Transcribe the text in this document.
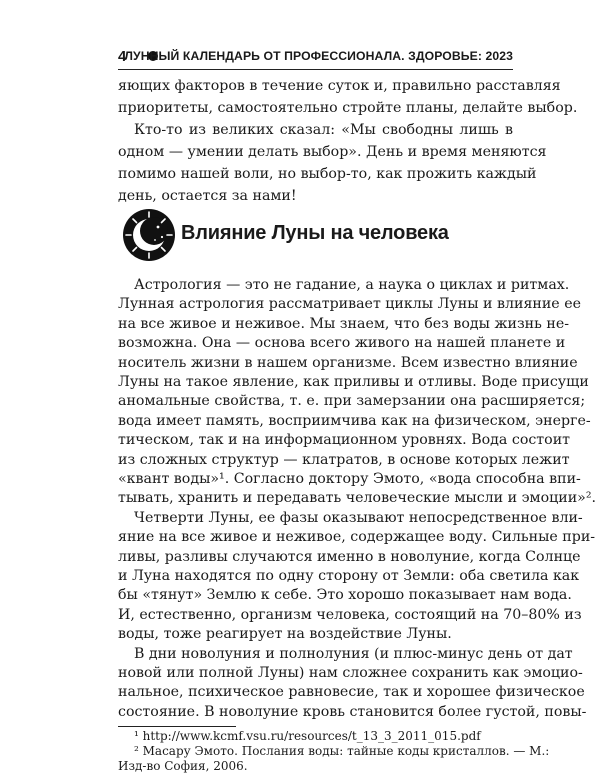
4
ЛУННЫЙ КАЛЕНДАРЬ ОТ ПРОФЕССИОНАЛА. ЗДОРОВЬЕ: 2023
яющих факторов в течение суток и, правильно расставляя
приоритеты, самостоятельно стройте планы, делайте выбор.
Кто-то из великих сказал: «Мы свободны лишь в
одном — умении делать выбор». День и время меняются
помимо нашей воли, но выбор-то, как прожить каждый
день, остается за нами!
Влияние Луны на человека
Астрология — это не гадание, а наука о циклах и ритмах.
Лунная астрология рассматривает циклы Луны и влияние ее
на все живое и неживое. Мы знаем, что без воды жизнь не-
возможна. Она — основа всего живого на нашей планете и
носитель жизни в нашем организме. Всем известно влияние
Луны на такое явление, как приливы и отливы. Воде присущи
аномальные свойства, т. е. при замерзании она расширяется;
вода имеет память, восприимчива как на физическом, энерге-
тическом, так и на информационном уровнях. Вода состоит
из сложных структур — клатратов, в основе которых лежит
«квант воды»¹. Согласно доктору Эмото, «вода способна впи-
тывать, хранить и передавать человеческие мысли и эмоции»².
Четверти Луны, ее фазы оказывают непосредственное вли-
яние на все живое и неживое, содержащее воду. Сильные при-
ливы, разливы случаются именно в новолуние, когда Солнце
и Луна находятся по одну сторону от Земли: оба светила как
бы «тянут» Землю к себе. Это хорошо показывает нам вода.
И, естественно, организм человека, состоящий на 70–80% из
воды, тоже реагирует на воздействие Луны.
¹ http://www.kcmf.vsu.ru/resources/t_13_3_2011_015.pdf
² Масару Эмото. Послания воды: тайные коды кристаллов. — М.:
Изд-во София, 2006.
В дни новолуния и полнолуния (и плюс-минус день от дат
новой или полной Луны) нам сложнее сохранить как эмоцио-
нальное, психическое равновесие, так и хорошее физическое
состояние. В новолуние кровь становится более густой, повы-
